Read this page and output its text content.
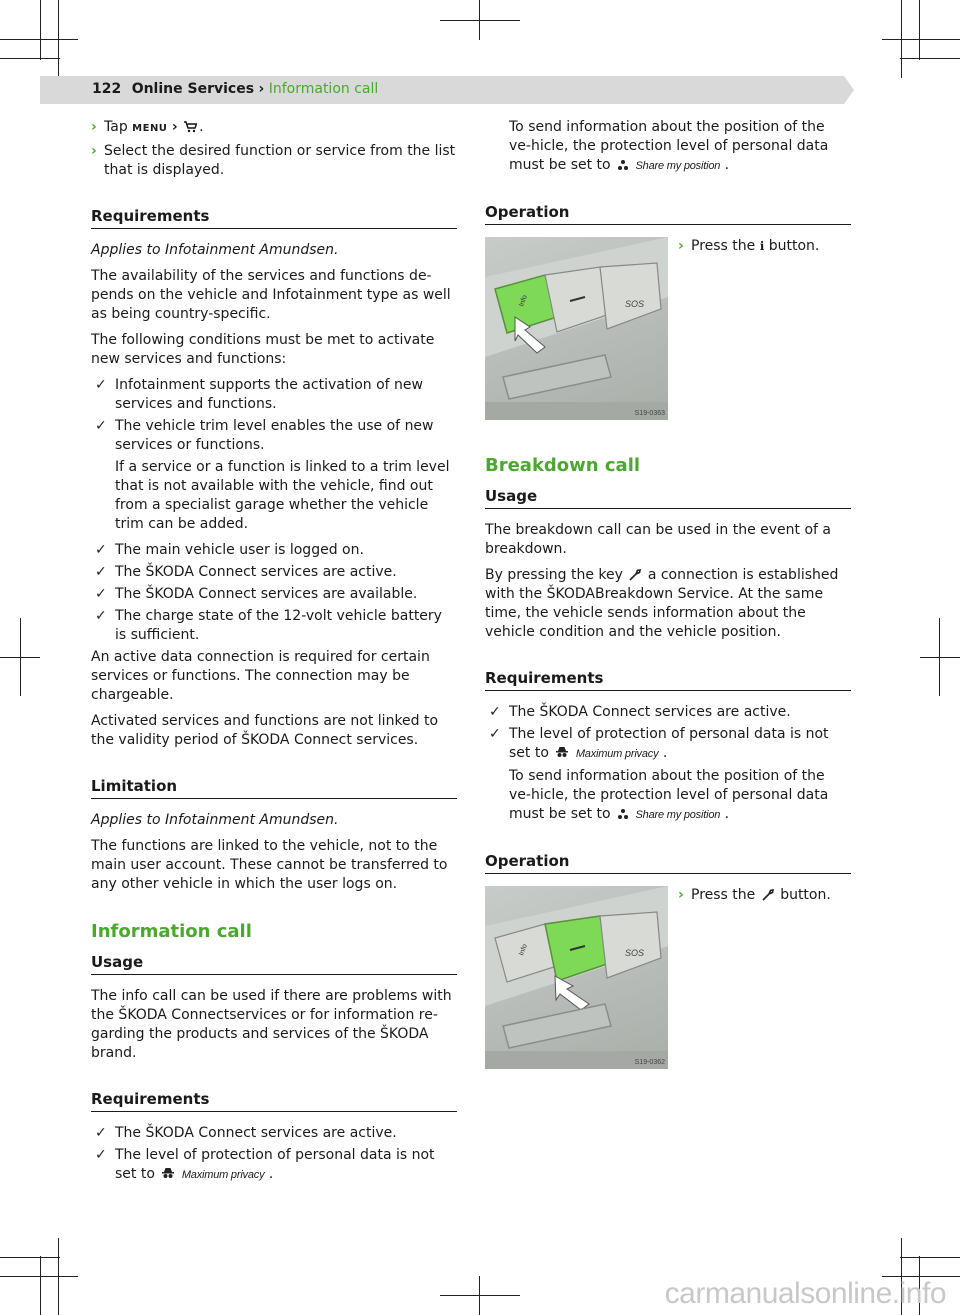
122 Online Services › Information call
› Tap MENU › .
› Select the desired function or service from the list that is displayed.
Requirements

Applies to Infotainment Amundsen.

The availability of the services and functions de-pends on the vehicle and Infotainment type as well as being country-specific.

The following conditions must be met to activate new services and functions:

✓ Infotainment supports the activation of new services and functions.
✓ The vehicle trim level enables the use of new services or functions.

If a service or a function is linked to a trim level that is not available with the vehicle, find out from a specialist garage whether the vehicle trim can be added.

✓ The main vehicle user is logged on.
✓ The ŠKODA Connect services are active.
✓ The ŠKODA Connect services are available.
✓ The charge state of the 12-volt vehicle battery is sufficient.

An active data connection is required for certain services or functions. The connection may be chargeable.

Activated services and functions are not linked to the validity period of ŠKODA Connect services.

Limitation

Applies to Infotainment Amundsen.

The functions are linked to the vehicle, not to the main user account. These cannot be transferred to any other vehicle in which the user logs on.

Information call
Usage

The info call can be used if there are problems with the ŠKODA Connectservices or for information re-garding the products and services of the ŠKODA brand.

Requirements
✓ The ŠKODA Connect services are active.
✓ The level of protection of personal data is not set to Maximum privacy .

To send information about the position of the ve-hicle, the protection level of personal data must be set to Share my position .

Operation
SOS
Info
S19-0363
› Press the ℹ button.
Breakdown call
Usage

The breakdown call can be used in the event of a breakdown.

By pressing the key a connection is established with the ŠKODABreakdown Service. At the same time, the vehicle sends information about the vehicle condition and the vehicle position.

Requirements
✓ The ŠKODA Connect services are active.
✓ The level of protection of personal data is not set to Maximum privacy .

To send information about the position of the ve-hicle, the protection level of personal data must be set to Share my position .

Operation
SOS
Info
S19-0362
› Press the button.
carmanualsonline.info
